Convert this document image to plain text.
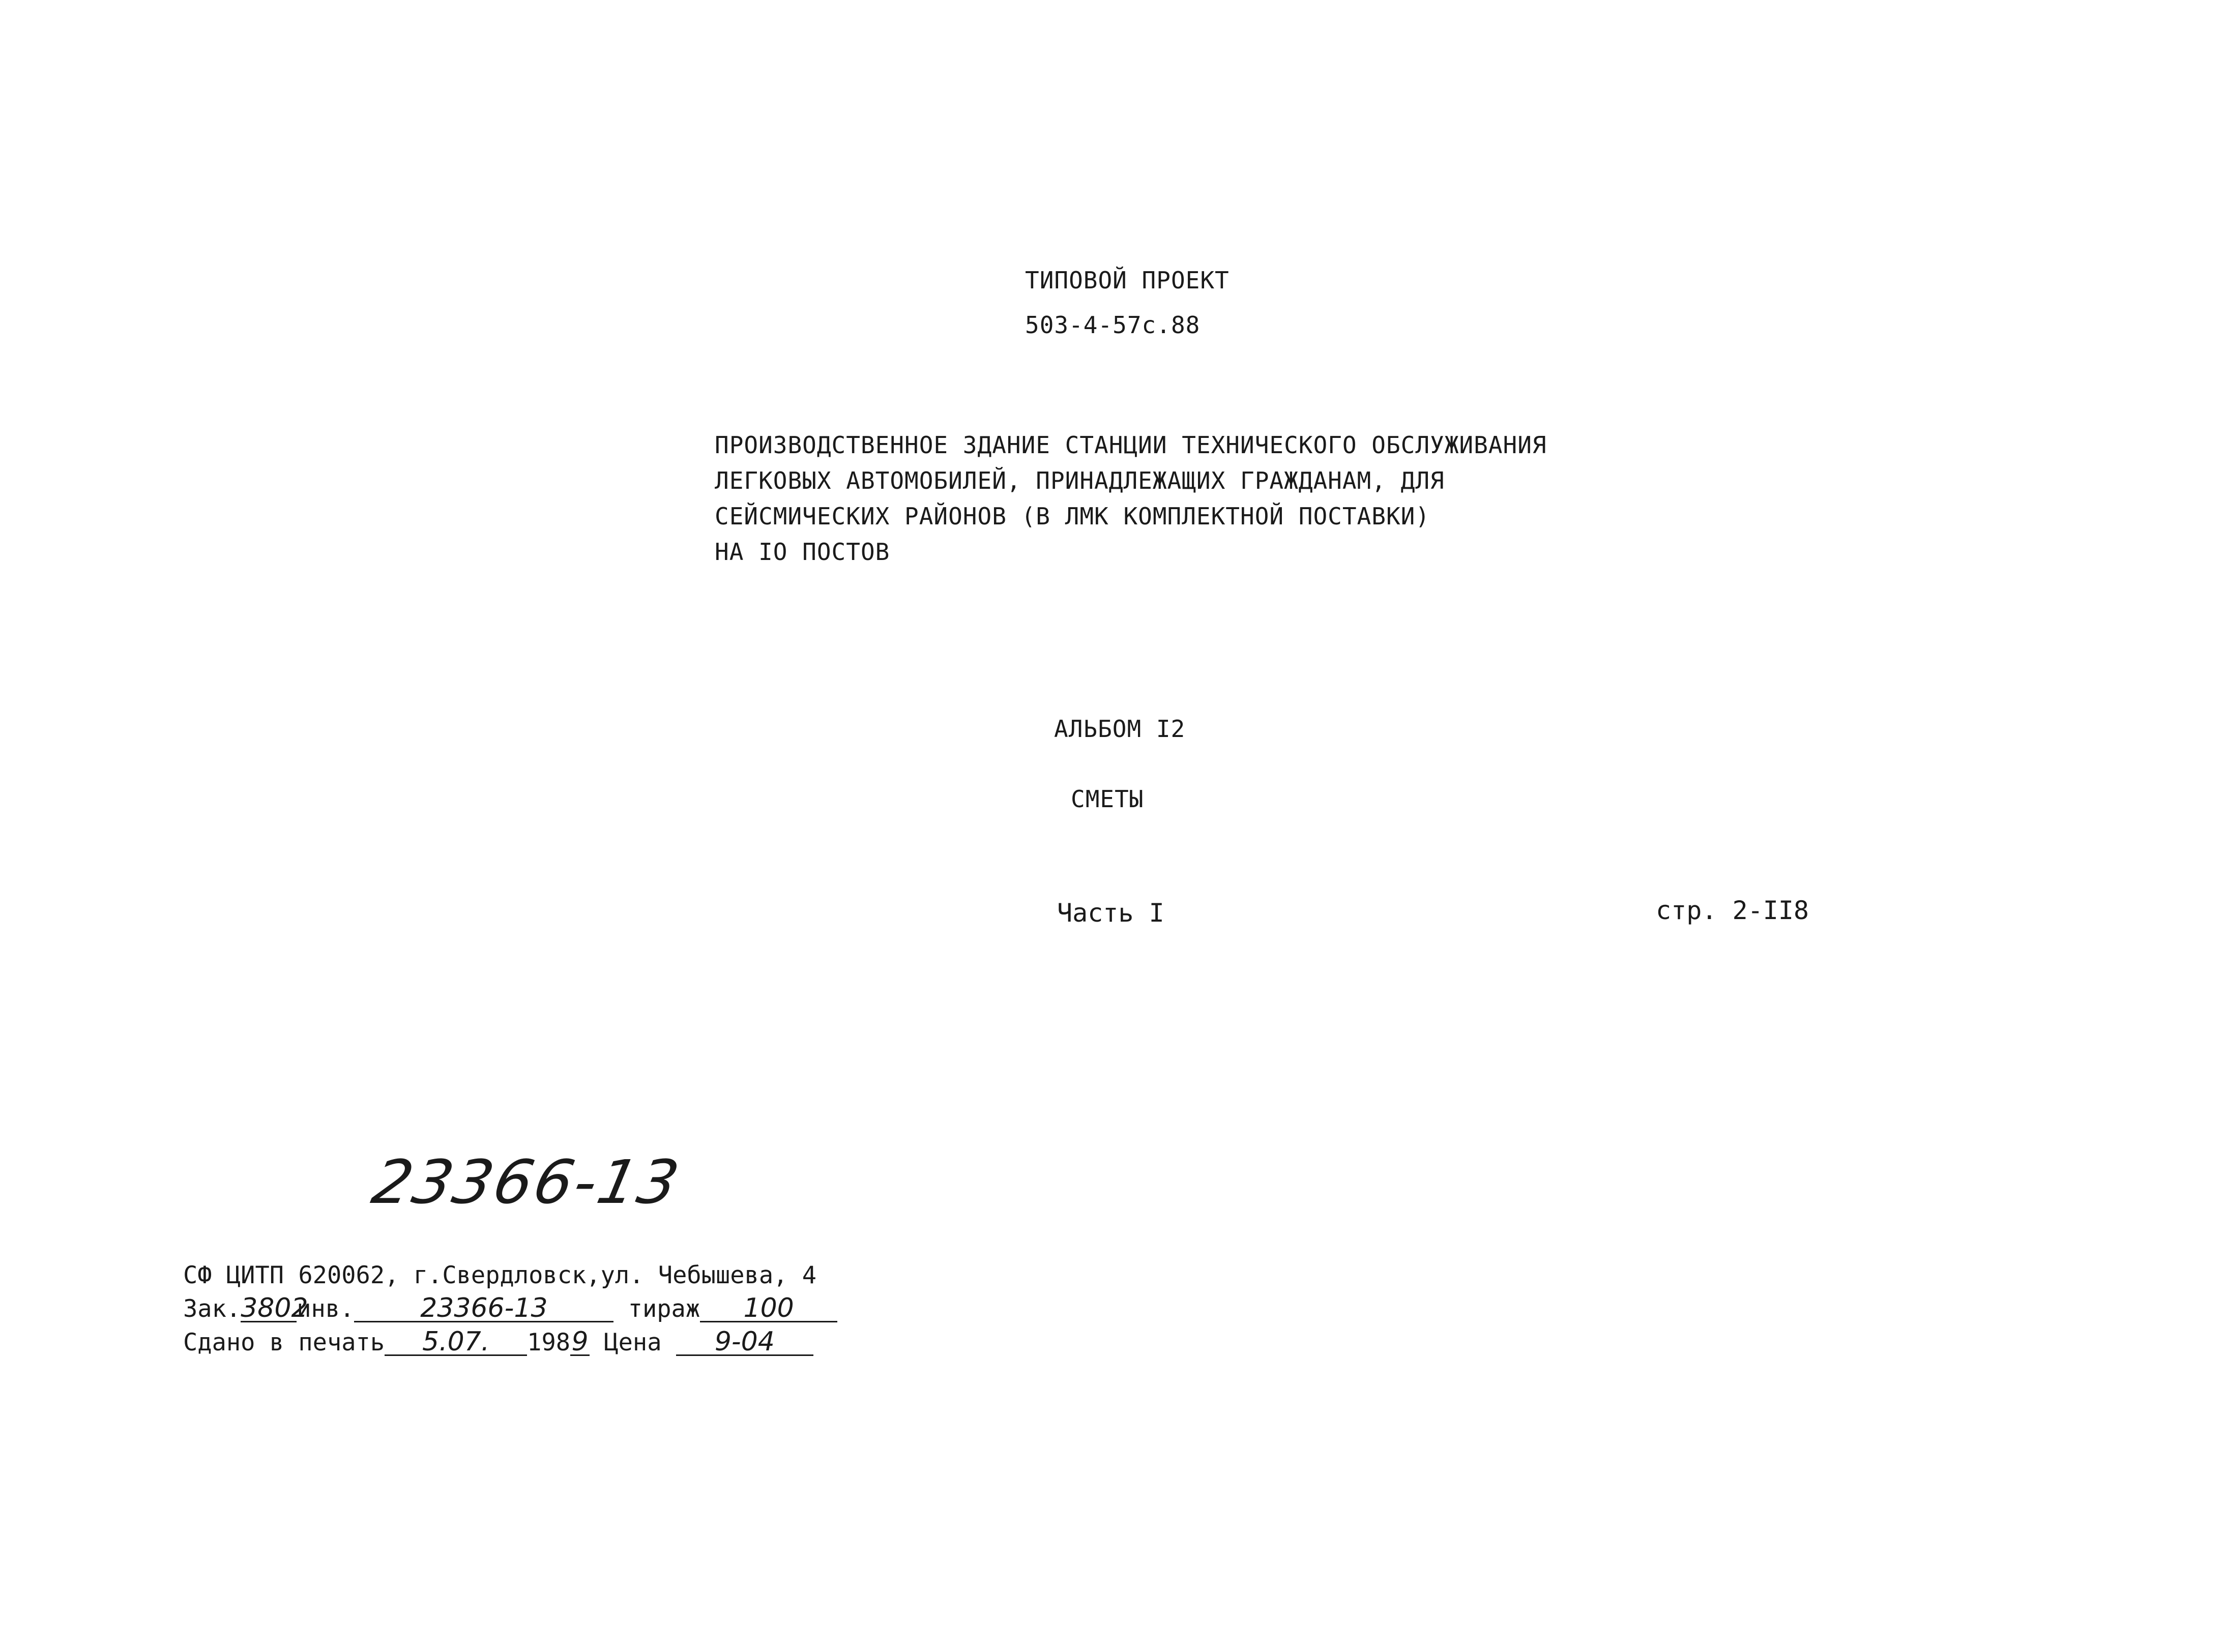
ТИПОВОЙ ПРОЕКТ
503-4-57с.88
ПРОИЗВОДСТВЕННОЕ ЗДАНИЕ СТАНЦИИ ТЕХНИЧЕСКОГО ОБСЛУЖИВАНИЯ
ЛЕГКОВЫХ АВТОМОБИЛЕЙ, ПРИНАДЛЕЖАЩИХ ГРАЖДАНАМ, ДЛЯ
СЕЙСМИЧЕСКИХ РАЙОНОВ (В ЛМК КОМПЛЕКТНОЙ ПОСТАВКИ)
НА IO ПОСТОВ
АЛЬБОМ I2
СМЕТЫ
Часть I	стр. 2-II8
23366-13
СФ ЦИТП 620062, г.Свердловск,ул. Чебышева, 4
Зак.3802инв. 23366-13	тираж 100
Сдано в печать 5.07. 1989 Цена 9-04
